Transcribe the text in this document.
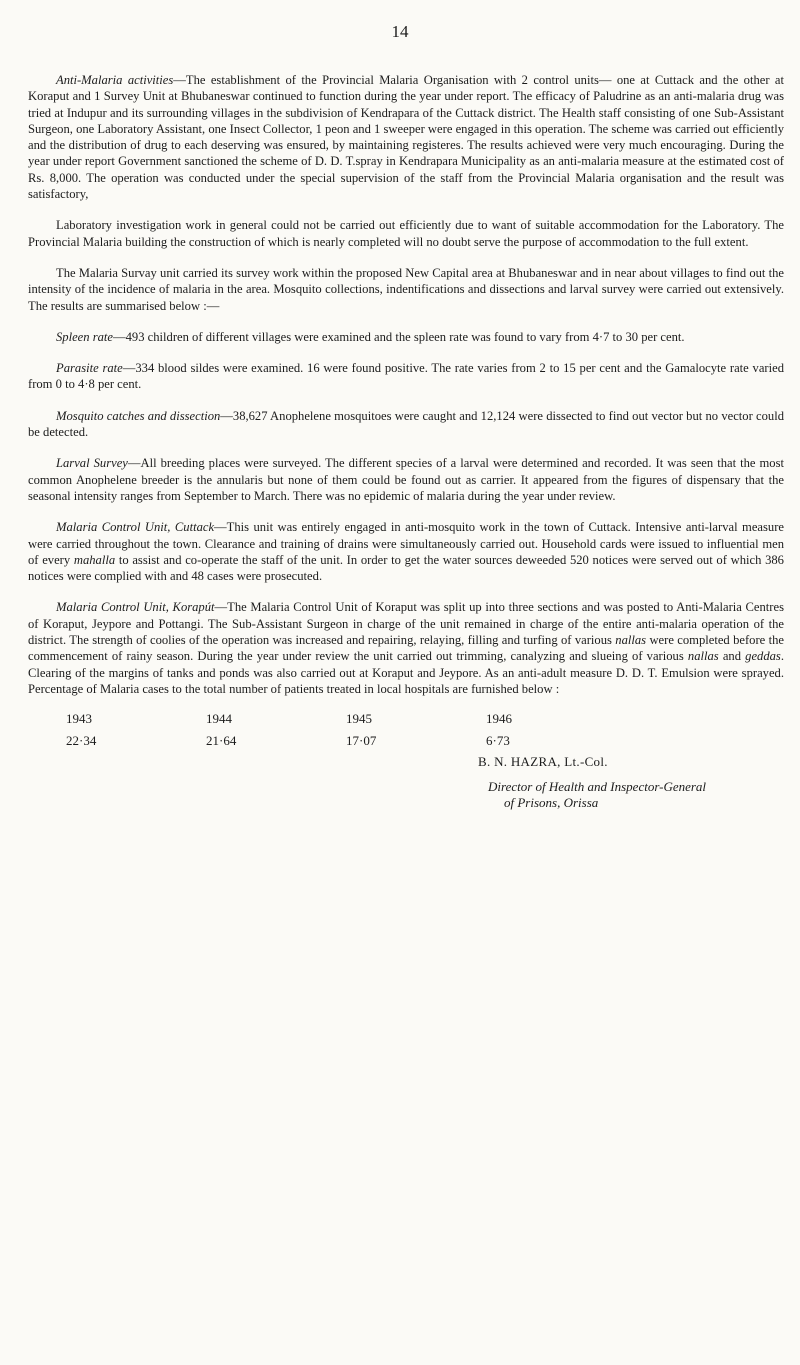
14

Anti-Malaria activities—The establishment of the Provincial Malaria Organisation with 2 control units— one at Cuttack and the other at Koraput and 1 Survey Unit at Bhubaneswar continued to function during the year under report. The efficacy of Paludrine as an anti-malaria drug was tried at Indupur and its surrounding villages in the subdivision of Kendrapara of the Cuttack district. The Health staff consisting of one Sub-Assistant Surgeon, one Laboratory Assistant, one Insect Collector, 1 peon and 1 sweeper were engaged in this operation. The scheme was carried out efficiently and the distribution of drug to each deserving was ensured, by maintaining registeres. The results achieved were very much encouraging. During the year under report Government sanctioned the scheme of D. D. T.spray in Kendrapara Municipality as an anti-malaria measure at the estimated cost of Rs. 8,000. The operation was conducted under the special supervision of the staff from the Provincial Malaria organisation and the result was satisfactory,

Laboratory investigation work in general could not be carried out efficiently due to want of suitable accommodation for the Laboratory. The Provincial Malaria building the construction of which is nearly completed will no doubt serve the purpose of accommodation to the full extent.

The Malaria Survay unit carried its survey work within the proposed New Capital area at Bhubaneswar and in near about villages to find out the intensity of the incidence of malaria in the area. Mosquito collections, indentifications and dissections and larval survey were carried out extensively. The results are summarised below :—

Spleen rate—493 children of different villages were examined and the spleen rate was found to vary from 4·7 to 30 per cent.

Parasite rate—334 blood sildes were examined. 16 were found positive. The rate varies from 2 to 15 per cent and the Gamalocyte rate varied from 0 to 4·8 per cent.

Mosquito catches and dissection—38,627 Anophelene mosquitoes were caught and 12,124 were dissected to find out vector but no vector could be detected.

Larval Survey—All breeding places were surveyed. The different species of a larval were determined and recorded. It was seen that the most common Anophelene breeder is the annularis but none of them could be found out as carrier. It appeared from the figures of dispensary that the seasonal intensity ranges from September to March. There was no epidemic of malaria during the year under review.

Malaria Control Unit, Cuttack—This unit was entirely engaged in anti-mosquito work in the town of Cuttack. Intensive anti-larval measure were carried throughout the town. Clearance and training of drains were simultaneously carried out. Household cards were issued to influential men of every mahalla to assist and co-operate the staff of the unit. In order to get the water sources deweeded 520 notices were served out of which 386 notices were complied with and 48 cases were prosecuted.

Malaria Control Unit, Korapút—The Malaria Control Unit of Koraput was split up into three sections and was posted to Anti-Malaria Centres of Koraput, Jeypore and Pottangi. The Sub-Assistant Surgeon in charge of the unit remained in charge of the entire anti-malaria operation of the district. The strength of coolies of the operation was increased and repairing, relaying, filling and turfing of various nallas were completed before the commencement of rainy season. During the year under review the unit carried out trimming, canalyzing and slueing of various nallas and geddas. Clearing of the margins of tanks and ponds was also carried out at Koraput and Jeypore. As an anti-adult measure D. D. T. Emulsion were sprayed. Percentage of Malaria cases to the total number of patients treated in local hospitals are furnished below :

1943	1944	1945	1946
22·34	21·64	17·07	6·73
B. N. HAZRA, Lt.-Col.
Director of Health and Inspector-General
of Prisons, Orissa
